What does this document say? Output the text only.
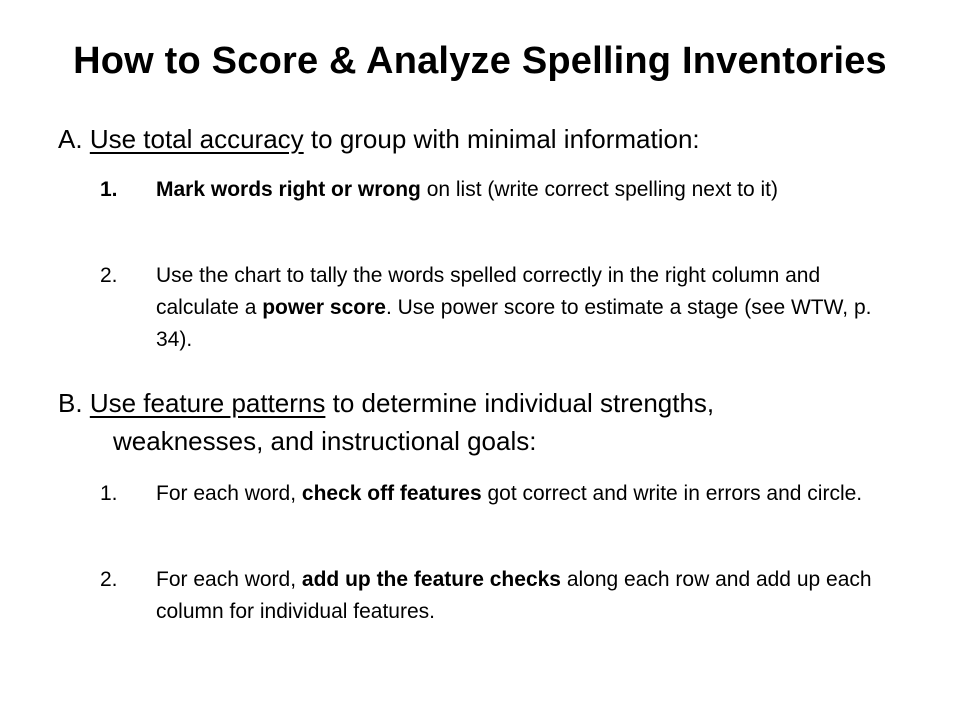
How to Score & Analyze Spelling Inventories
A. Use total accuracy to group with minimal information:
1.	Mark words right or wrong on list (write correct spelling next to it)
2.	Use the chart to tally the words spelled correctly in the right column and calculate a power score. Use power score to estimate a stage (see WTW, p. 34).
B. Use feature patterns to determine individual strengths,
weaknesses, and instructional goals:
1.	For each word, check off features got correct and write in errors and circle.
2.	For each word, add up the feature checks along each row and add up each column for individual features.
